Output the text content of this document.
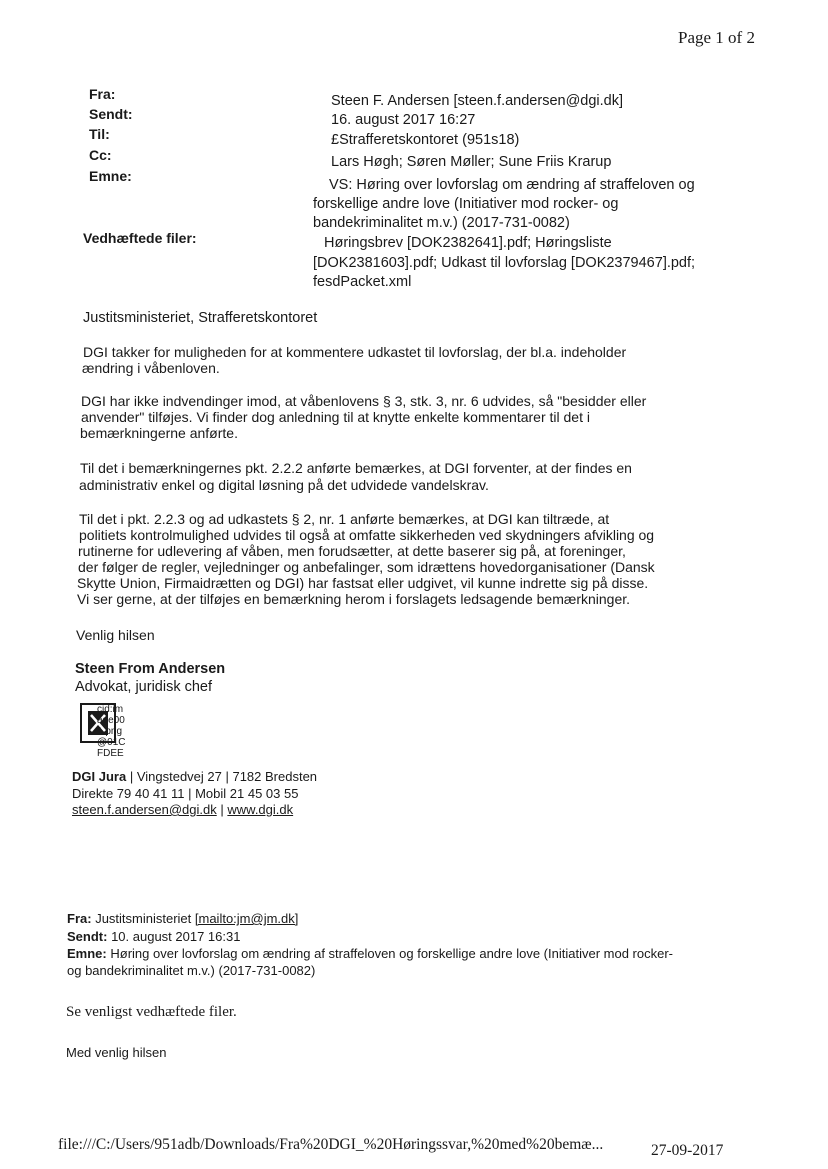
Page 1 of 2
Fra:
Sendt:
Til:
Cc:
Emne:
Vedhæftede filer:
Steen F. Andersen [steen.f.andersen@dgi.dk]
16. august 2017 16:27
£Strafferetskontoret (951s18)
Lars Høgh; Søren Møller; Sune Friis Krarup
VS: Høring over lovforslag om ændring af straffeloven og
forskellige andre love (Initiativer mod rocker- og
bandekriminalitet m.v.) (2017-731-0082)
Høringsbrev [DOK2382641].pdf; Høringsliste
[DOK2381603].pdf; Udkast til lovforslag [DOK2379467].pdf;
fesdPacket.xml
Justitsministeriet, Strafferetskontoret
DGI takker for muligheden for at kommentere udkastet til lovforslag, der bl.a. indeholder
ændring i våbenloven.
DGI har ikke indvendinger imod, at våbenlovens § 3, stk. 3, nr. 6 udvides, så "besidder eller
anvender" tilføjes. Vi finder dog anledning til at knytte enkelte kommentarer til det i
bemærkningerne anførte.
Til det i bemærkningernes pkt. 2.2.2 anførte bemærkes, at DGI forventer, at der findes en
administrativ enkel og digital løsning på det udvidede vandelskrav.
Til det i pkt. 2.2.3 og ad udkastets § 2, nr. 1 anførte bemærkes, at DGI kan tiltræde, at
politiets kontrolmulighed udvides til også at omfatte sikkerheden ved skydningers afvikling og
rutinerne for udlevering af våben, men forudsætter, at dette baserer sig på, at foreninger,
der følger de regler, vejledninger og anbefalinger, som idrættens hovedorganisationer (Dansk
Skytte Union, Firmaidrætten og DGI) har fastsat eller udgivet, vil kunne indrette sig på disse.
Vi ser gerne, at der tilføjes en bemærkning herom i forslagets ledsagende bemærkninger.
Venlig hilsen
Steen From Andersen
Advokat, juridisk chef
cid:im
age00
1.png
@01C
FDEE
DGI Jura | Vingstedvej 27 | 7182 Bredsten
Direkte 79 40 41 11 | Mobil 21 45 03 55
steen.f.andersen@dgi.dk | www.dgi.dk
Fra: Justitsministeriet [mailto:jm@jm.dk]
Sendt: 10. august 2017 16:31
Emne: Høring over lovforslag om ændring af straffeloven og forskellige andre love (Initiativer mod rocker-
og bandekriminalitet m.v.) (2017-731-0082)
Se venligst vedhæftede filer.
Med venlig hilsen
file:///C:/Users/951adb/Downloads/Fra%20DGI_%20Høringssvar,%20med%20bemæ...	27-09-2017
